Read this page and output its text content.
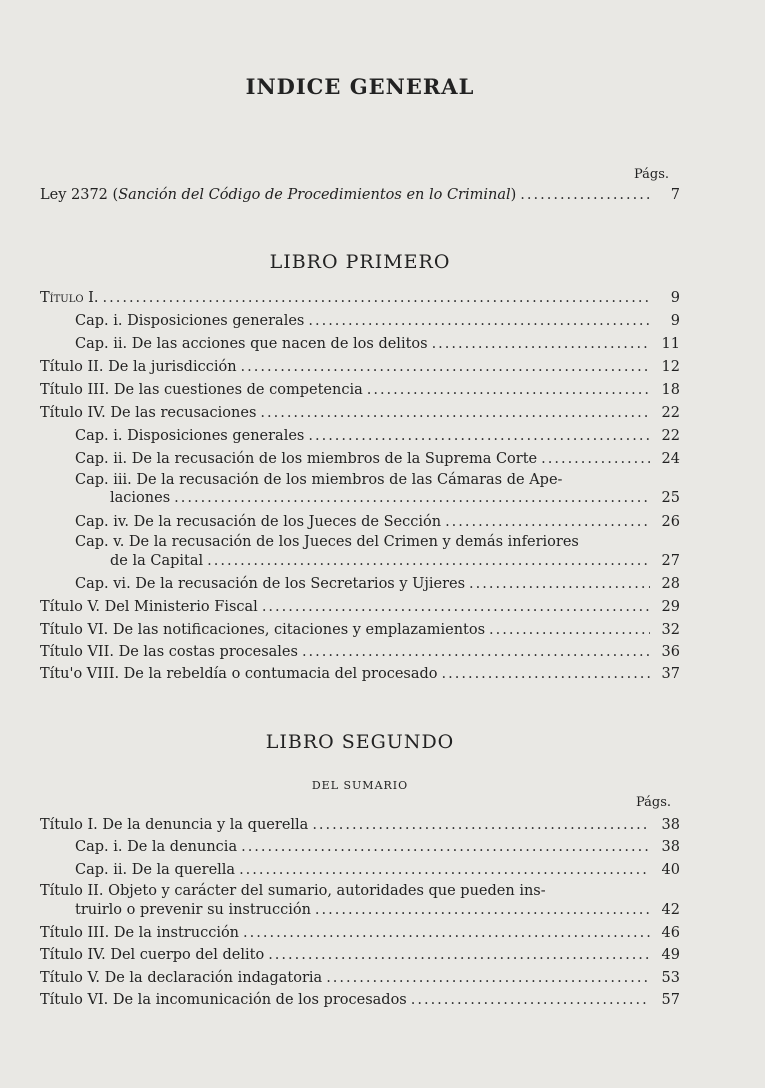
INDICE GENERAL
Págs.
Ley 2372 (Sanción del Código de Procedimientos en lo Criminal) .....	7
LIBRO PRIMERO
Título I. .....	9
Cap. i. Disposiciones generales .....	9
Cap. ii. De las acciones que nacen de los delitos .....	11
Título II. De la jurisdicción .....	12
Título III. De las cuestiones de competencia .....	18
Título IV. De las recusaciones .....	22
Cap. i. Disposiciones generales .....	22
Cap. ii. De la recusación de los miembros de la Suprema Corte .....	24
Cap. iii. De la recusación de los miembros de las Cámaras de Ape-
laciones .....	25
Cap. iv. De la recusación de los Jueces de Sección .....	26
Cap. v. De la recusación de los Jueces del Crimen y demás inferiores
de la Capital .....	27
Cap. vi. De la recusación de los Secretarios y Ujieres .....	28
Título V. Del Ministerio Fiscal .....	29
Título VI. De las notificaciones, citaciones y emplazamientos .....	32
Título VII. De las costas procesales .....	36
Títu'o VIII. De la rebeldía o contumacia del procesado .....	37
LIBRO SEGUNDO
DEL SUMARIO
Págs.
Título I. De la denuncia y la querella .....	38
Cap. i. De la denuncia .....	38
Cap. ii. De la querella .....	40
Título II. Objeto y carácter del sumario, autoridades que pueden ins-
truirlo o prevenir su instrucción .....	42
Título III. De la instrucción .....	46
Título IV. Del cuerpo del delito .....	49
Título V. De la declaración indagatoria .....	53
Título VI. De la incomunicación de los procesados .....	57
